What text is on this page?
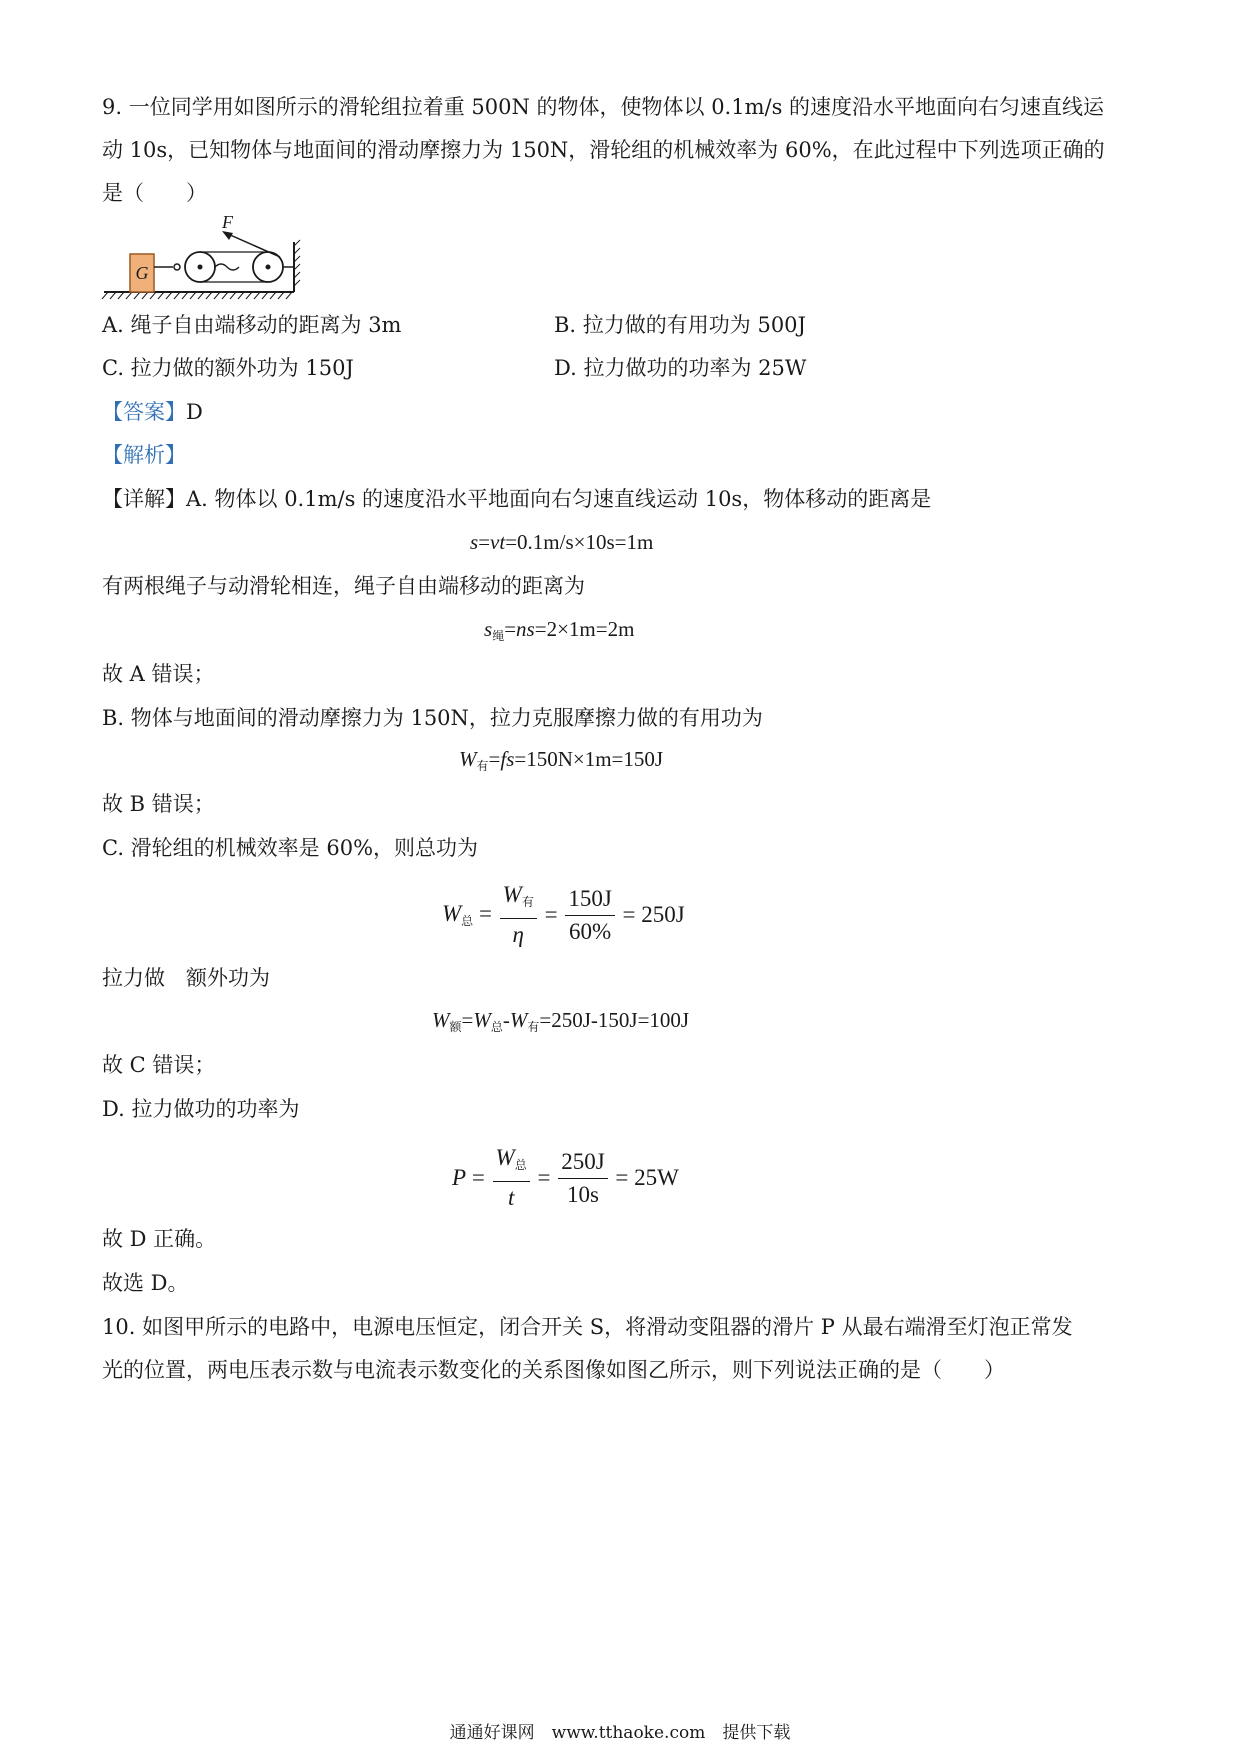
9. 一位同学用如图所示的滑轮组拉着重 500N 的物体，使物体以 0.1m/s 的速度沿水平地面向右匀速直线运
动 10s，已知物体与地面间的滑动摩擦力为 150N，滑轮组的机械效率为 60%，在此过程中下列选项正确的
是（　　）
G
F
A. 绳子自由端移动的距离为 3m	B. 拉力做的有用功为 500J
C. 拉力做的额外功为 150J	D. 拉力做功的功率为 25W
【答案】D
【解析】
【详解】A. 物体以 0.1m/s 的速度沿水平地面向右匀速直线运动 10s，物体移动的距离是
s=vt=0.1m/s×10s=1m
有两根绳子与动滑轮相连，绳子自由端移动的距离为
$s_绳=ns=2\times 1m=2m$
故 A 错误；
B. 物体与地面间的滑动摩擦力为 150N，拉力克服摩擦力做的有用功为
$W_有=fs=150N\times 1m=150J$
故 B 错误；
C. 滑轮组的机械效率是 60%，则总功为
$W_总 = \frac{W_有}{\eta} = \frac{150J}{60\%} = 250J$
拉力做　额外功为
$W_额=W_总-W_有=250J-150J=100J$
故 C 错误；
D. 拉力做功的功率为
$P = \frac{W_总}{t} = \frac{250J}{10s} = 25W$
故 D 正确。
故选 D。
10. 如图甲所示的电路中，电源电压恒定，闭合开关 S，将滑动变阻器的滑片 P 从最右端滑至灯泡正常发
光的位置，两电压表示数与电流表示数变化的关系图像如图乙所示，则下列说法正确的是（　　）
通通好课网　www.tthaoke.com　提供下载
